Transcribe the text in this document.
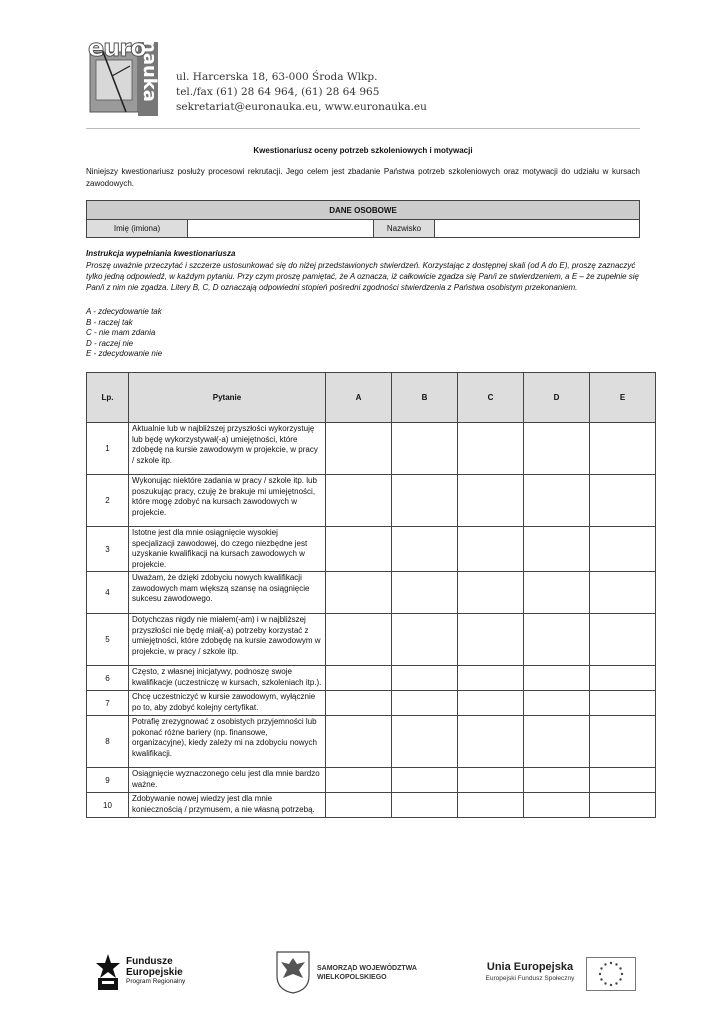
euro
nauka ul. Harcerska 18, 63-000 Środa Wlkp.
tel./fax (61) 28 64 964, (61) 28 64 965
sekretariat@euronauka.eu, www.euronauka.eu
Kwestionariusz oceny potrzeb szkoleniowych i motywacji
Niniejszy kwestionariusz posłuży procesowi rekrutacji. Jego celem jest zbadanie Państwa potrzeb szkoleniowych oraz motywacji do udziału w kursach zawodowych.
DANE OSOBOWE
Imię (imiona)		Nazwisko	
Instrukcja wypełniania kwestionariusza
Proszę uważnie przeczytać i szczerze ustosunkować się do niżej przedstawionych stwierdzeń. Korzystając z dostępnej skali (od A do E), proszę zaznaczyć tylko jedną odpowiedź, w każdym pytaniu. Przy czym proszę pamiętać, że A oznacza, iż całkowicie zgadza się Pan/i ze stwierdzeniem, a E – że zupełnie się Pan/i z nim nie zgadza. Litery B, C, D oznaczają odpowiedni stopień pośredni zgodności stwierdzenia z Państwa osobistym przekonaniem.
A - zdecydowanie tak
B - raczej tak
C - nie mam zdania
D - raczej nie
E - zdecydowanie nie
Lp.	Pytanie	A	B	C	D	E
1	Aktualnie lub w najbliższej przyszłości wykorzystuję lub będę wykorzystywał(-a) umiejętności, które zdobędę na kursie zawodowym w projekcie, w pracy / szkole itp.					
2	Wykonując niektóre zadania w pracy / szkole itp. lub poszukując pracy, czuję że brakuje mi umiejętności, które mogę zdobyć na kursach zawodowych w projekcie.					
3	Istotne jest dla mnie osiągnięcie wysokiej specjalizacji zawodowej, do czego niezbędne jest uzyskanie kwalifikacji na kursach zawodowych w projekcie.					
4	Uważam, że dzięki zdobyciu nowych kwalifikacji zawodowych mam większą szansę na osiągnięcie sukcesu zawodowego.					
5	Dotychczas nigdy nie miałem(-am) i w najbliższej przyszłości nie będę miał(-a) potrzeby korzystać z umiejętności, które zdobędę na kursie zawodowym w projekcie, w pracy / szkole itp.					
6	Często, z własnej inicjatywy, podnoszę swoje kwalifikacje (uczestniczę w kursach, szkoleniach itp.).					
7	Chcę uczestniczyć w kursie zawodowym, wyłącznie po to, aby zdobyć kolejny certyfikat.					
8	Potrafię zrezygnować z osobistych przyjemności lub pokonać różne bariery (np. finansowe, organizacyjne), kiedy zależy mi na zdobyciu nowych kwalifikacji.					
9	Osiągnięcie wyznaczonego celu jest dla mnie bardzo ważne.					
10	Zdobywanie nowej wiedzy jest dla mnie koniecznością / przymusem, a nie własną potrzebą.					
Fundusze
Europejskie
Program Regionalny
SAMORZĄD WOJEWÓDZTWA
WIELKOPOLSKIEGO
Unia Europejska
Europejski Fundusz Społeczny
